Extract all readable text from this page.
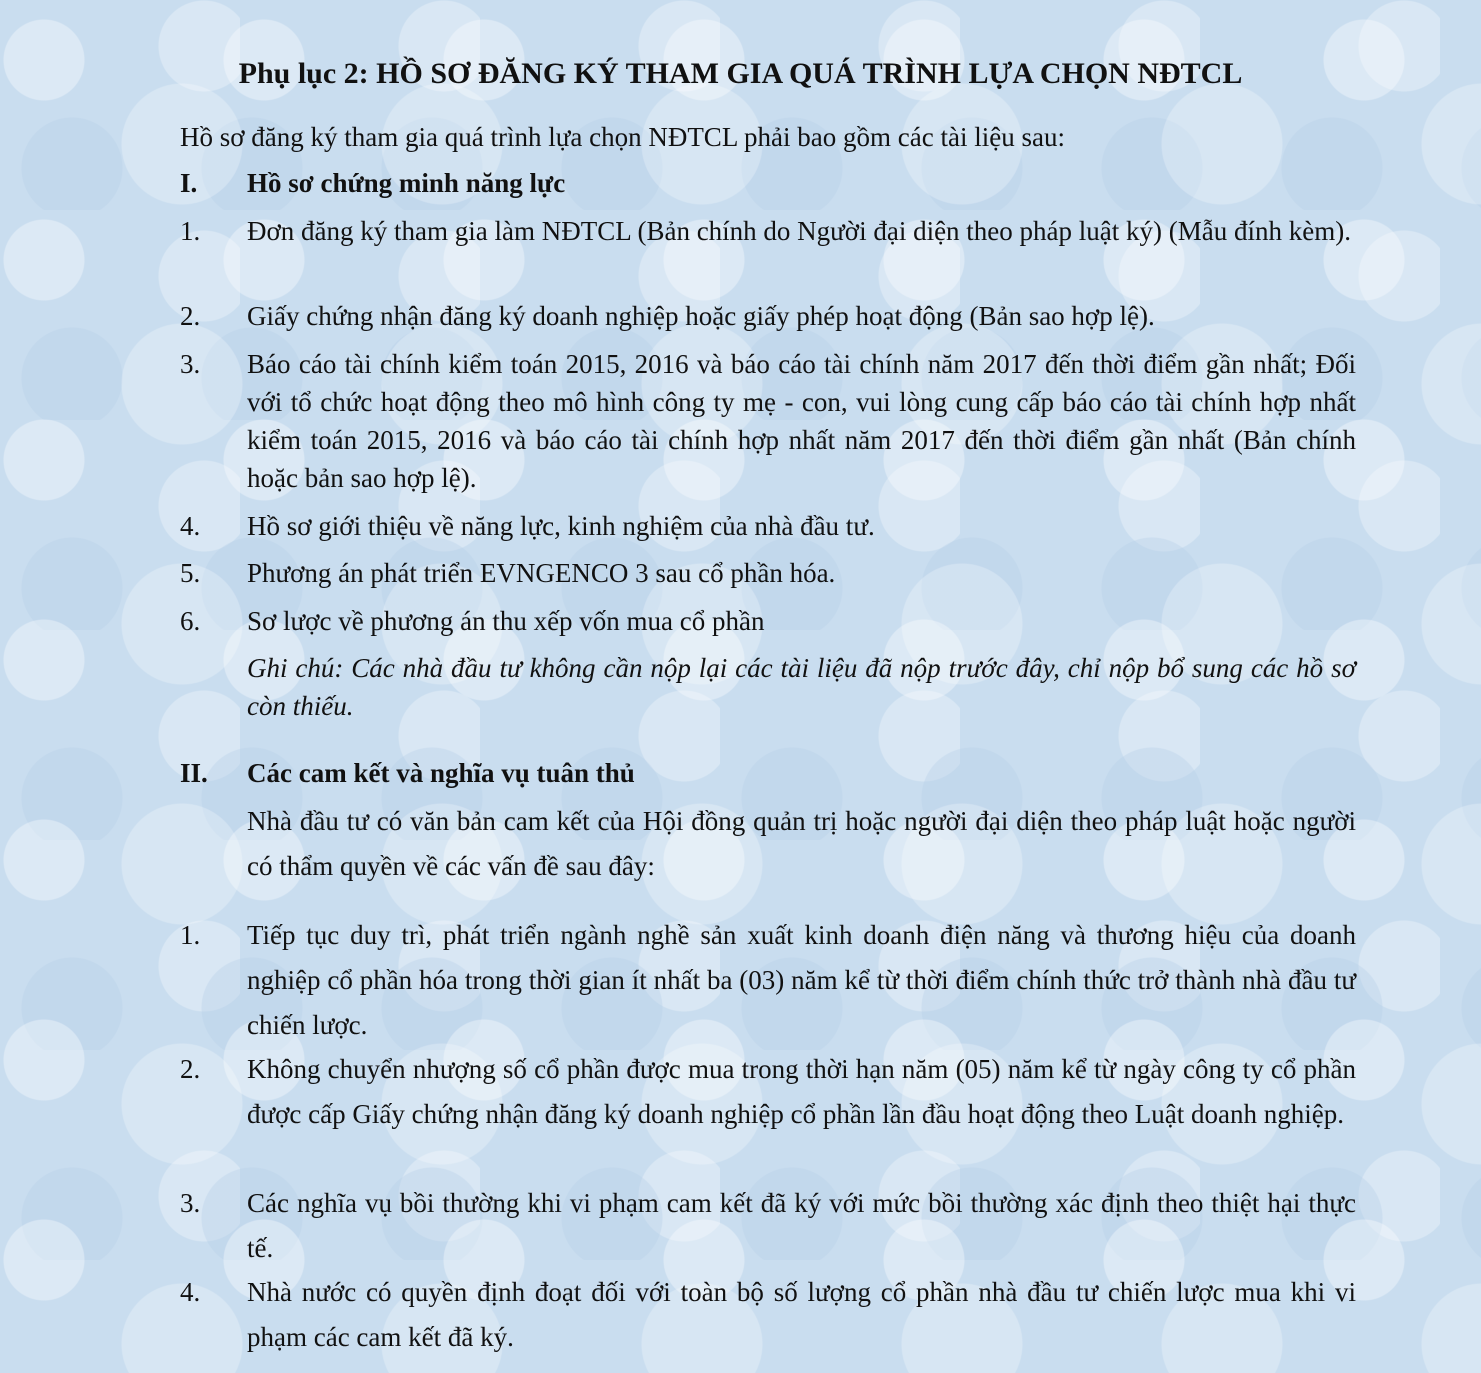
Phụ lục 2: HỒ SƠ ĐĂNG KÝ THAM GIA QUÁ TRÌNH LỰA CHỌN NĐTCL
Hồ sơ đăng ký tham gia quá trình lựa chọn NĐTCL phải bao gồm các tài liệu sau:
I.	Hồ sơ chứng minh năng lực
1.	Đơn đăng ký tham gia làm NĐTCL (Bản chính do Người đại diện theo pháp luật ký) (Mẫu đính kèm).
2.	Giấy chứng nhận đăng ký doanh nghiệp hoặc giấy phép hoạt động (Bản sao hợp lệ).
3.	Báo cáo tài chính kiểm toán 2015, 2016 và báo cáo tài chính năm 2017 đến thời điểm gần nhất; Đối với tổ chức hoạt động theo mô hình công ty mẹ - con, vui lòng cung cấp báo cáo tài chính hợp nhất kiểm toán 2015, 2016 và báo cáo tài chính hợp nhất năm 2017 đến thời điểm gần nhất (Bản chính hoặc bản sao hợp lệ).
4.	Hồ sơ giới thiệu về năng lực, kinh nghiệm của nhà đầu tư.
5.	Phương án phát triển EVNGENCO 3 sau cổ phần hóa.
6.	Sơ lược về phương án thu xếp vốn mua cổ phần
Ghi chú: Các nhà đầu tư không cần nộp lại các tài liệu đã nộp trước đây, chỉ nộp bổ sung các hồ sơ còn thiếu.
II.	Các cam kết và nghĩa vụ tuân thủ
Nhà đầu tư có văn bản cam kết của Hội đồng quản trị hoặc người đại diện theo pháp luật hoặc người có thẩm quyền về các vấn đề sau đây:
1.	Tiếp tục duy trì, phát triển ngành nghề sản xuất kinh doanh điện năng và thương hiệu của doanh nghiệp cổ phần hóa trong thời gian ít nhất ba (03) năm kể từ thời điểm chính thức trở thành nhà đầu tư chiến lược.
2.	Không chuyển nhượng số cổ phần được mua trong thời hạn năm (05) năm kể từ ngày công ty cổ phần được cấp Giấy chứng nhận đăng ký doanh nghiệp cổ phần lần đầu hoạt động theo Luật doanh nghiệp.
3.	Các nghĩa vụ bồi thường khi vi phạm cam kết đã ký với mức bồi thường xác định theo thiệt hại thực tế.
4.	Nhà nước có quyền định đoạt đối với toàn bộ số lượng cổ phần nhà đầu tư chiến lược mua khi vi phạm các cam kết đã ký.
